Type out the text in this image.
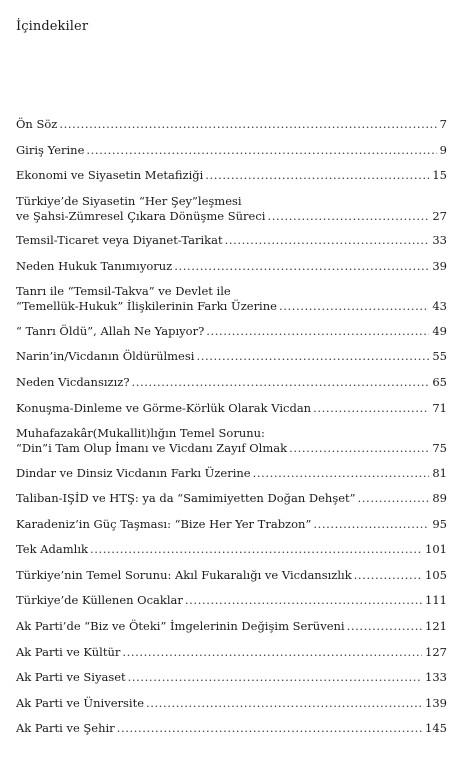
İçindekiler
Ön Söz .....	7
Giriş Yerine .....	9
Ekonomi ve Siyasetin Metafiziği .....	15
Türkiye’de Siyasetin “Her Şey”leşmesi
ve Şahsi-Zümresel Çıkara Dönüşme Süreci .....	27
Temsil-Ticaret veya Diyanet-Tarikat .....	33
Neden Hukuk Tanımıyoruz .....	39
Tanrı ile “Temsil-Takva” ve Devlet ile
“Temellük-Hukuk” İlişkilerinin Farkı Üzerine .....	43
“ Tanrı Öldü”, Allah Ne Yapıyor? .....	49
Narin’in/Vicdanın Öldürülmesi .....	55
Neden Vicdansızız? .....	65
Konuşma-Dinleme ve Görme-Körlük Olarak Vicdan .....	71
Muhafazakâr(Mukallit)lığın Temel Sorunu:
“Din”i Tam Olup İmanı ve Vicdanı Zayıf Olmak .....	75
Dindar ve Dinsiz Vicdanın Farkı Üzerine .....	81
Taliban-IŞİD ve HTŞ: ya da “Samimiyetten Doğan Dehşet” .....	89
Karadeniz’in Güç Taşması: “Bize Her Yer Trabzon” .....	95
Tek Adamlık .....	101
Türkiye’nin Temel Sorunu: Akıl Fukaralığı ve Vicdansızlık .....	105
Türkiye’de Küllenen Ocaklar .....	111
Ak Parti’de “Biz ve Öteki” İmgelerinin Değişim Serüveni .....	121
Ak Parti ve Kültür .....	127
Ak Parti ve Siyaset .....	133
Ak Parti ve Üniversite .....	139
Ak Parti ve Şehir .....	145
